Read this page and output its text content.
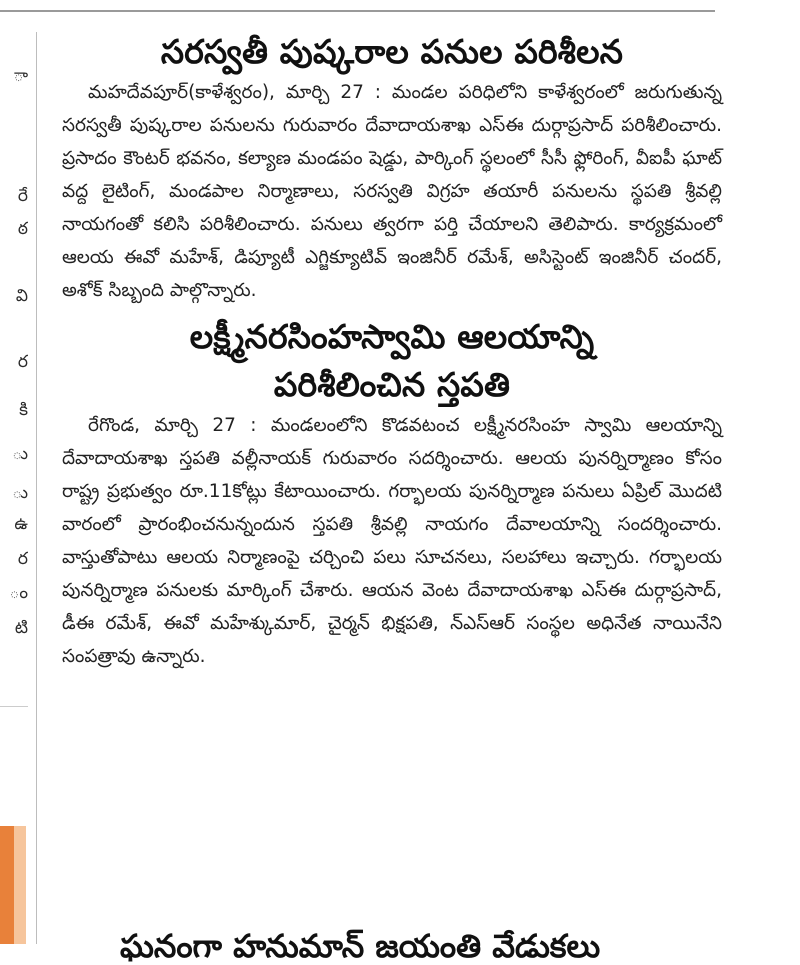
ా
రే
ఠ
వి
ర
కి
ు
ు
ఉ
ర
ం
టి
సరస్వతీ పుష్కరాల పనుల పరిశీలన

మహదేవపూర్(కాళేశ్వరం), మార్చి 27 : మండల పరిధిలోని కాళేశ్వరంలో జరుగుతున్న సరస్వతీ పుష్కరాల పనులను గురువారం దేవాదాయశాఖ ఎస్ఈ దుర్గాప్రసాద్ పరిశీలించారు. ప్రసాదం కౌంటర్ భవనం, కల్యాణ మండపం షెడ్డు, పార్కింగ్ స్థలంలో సీసీ ఫ్లోరింగ్, వీఐపీ ఘాట్ వద్ద లైటింగ్, మండపాల నిర్మాణాలు, సరస్వతి విగ్రహ తయారీ పనులను స్థపతి శ్రీవల్లి నాయగంతో కలిసి పరిశీలించారు. పనులు త్వరగా పర్తి చేయాలని తెలిపారు. కార్యక్రమంలో ఆలయ ఈవో మహేశ్, డిప్యూటీ ఎగ్జిక్యూటివ్ ఇంజినీర్ రమేశ్, అసిస్టెంట్ ఇంజినీర్ చందర్, అశోక్ సిబ్బంది పాల్గొన్నారు.

లక్ష్మీనరసింహస్వామి ఆలయాన్ని
పరిశీలించిన స్తపతి

రేగొండ, మార్చి 27 : మండలంలోని కొడవటంచ లక్ష్మీనరసింహ స్వామి ఆలయాన్ని దేవాదాయశాఖ స్తపతి వల్లీనాయక్ గురువారం సదర్శించారు. ఆలయ పునర్నిర్మాణం కోసం రాష్ట్ర ప్రభుత్వం రూ.11కోట్లు కేటాయించారు. గర్భాలయ పునర్నిర్మాణ పనులు ఏప్రిల్ మొదటి వారంలో ప్రారంభించనున్నందున స్తపతి శ్రీవల్లి నాయగం దేవాలయాన్ని సందర్శించారు. వాస్తుతోపాటు ఆలయ నిర్మాణంపై చర్చించి పలు సూచనలు, సలహాలు ఇచ్చారు. గర్భాలయ పునర్నిర్మాణ పనులకు మార్కింగ్ చేశారు. ఆయన వెంట దేవాదాయశాఖ ఎస్ఈ దుర్గాప్రసాద్, డీఈ రమేశ్, ఈవో మహేశ్కుమార్, చైర్మన్ భిక్షపతి, న్ఎస్ఆర్ సంస్థల అధినేత నాయినేని సంపత్రావు ఉన్నారు.

ఘనంగా హనుమాన్ జయంతి వేడుకలు
